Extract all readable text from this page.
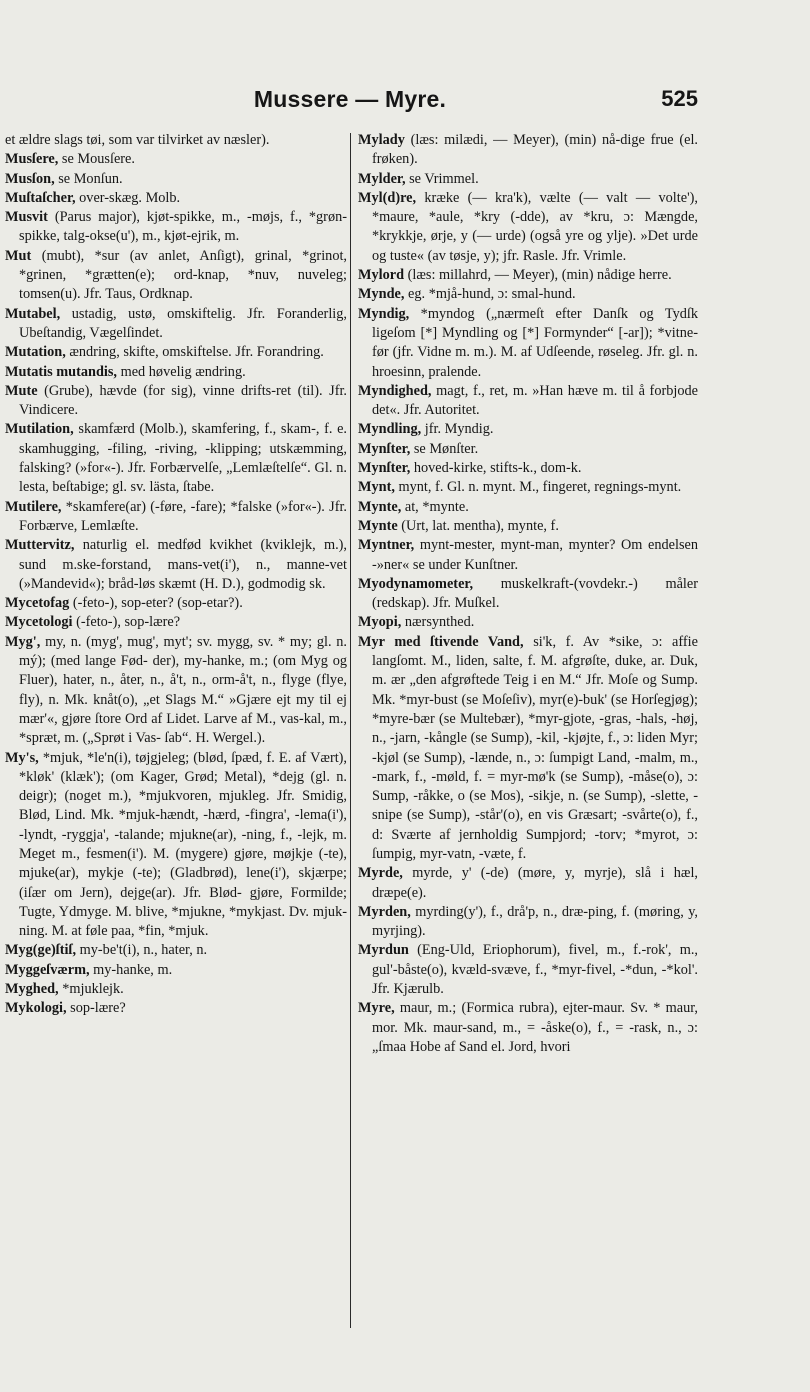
Mussere — Myre.	525

et ældre slags tøi, som var tilvirket av næsler).

Musſere, se Mousſere.

Musſon, se Monſun.

Muſtaſcher, over-skæg. Molb.

Musvit (Parus major), kjøt-spikke, m., -møjs, f., *grøn-spikke, talg-okse(u'), m., kjøt-ejrik, m.

Mut (mubt), *sur (av anlet, Anſigt), grinal, *grinot, *grinen, *grætten(e); ord-knap, *nuv, nuveleg; tomsen(u). Jfr. Taus, Ordknap.

Mutabel, ustadig, ustø, omskiftelig. Jfr. Foranderlig, Ubeſtandig, Vægelſindet.

Mutation, ændring, skifte, omskiftelse. Jfr. Forandring.

Mutatis mutandis, med høvelig ændring.

Mute (Grube), hævde (for sig), vinne drifts-ret (til). Jfr. Vindicere.

Mutilation, skamfærd (Molb.), skamfering, f., skam-, f. e. skamhugging, -filing, -riving, -klipping; utskæmming, falsking? (»for«-). Jfr. Forbærvelſe, „Lemlæſtelſe“. Gl. n. lesta, beſtabige; gl. sv. lästa, ſtabe.

Mutilere, *skamfere(ar) (-føre, -fare); *falske (»for«-). Jfr. Forbærve, Lemlæſte.

Muttervitz, naturlig el. medfød kvikhet (kviklejk, m.), sund m.ske-forstand, mans-vet(i'), n., manne-vet (»Mandevid«); bråd-løs skæmt (H. D.), godmodig sk.

Mycetofag (-feto-), sop-eter? (sop-etar?).

Mycetologi (-feto-), sop-lære?

Myg', my, n. (myg', mug', myt'; sv. mygg, sv. * my; gl. n. mý); (med lange Fød- der), my-hanke, m.; (om Myg og Fluer), hater, n., åter, n., å't, n., orm-å't, n., flyge (flye, fly), n. Mk. knåt(o), „et Slags M.“ »Gjære ejt my til ej mær'«, gjøre ſtore Ord af Lidet. Larve af M., vas-kal, m., *spræt, m. („Sprøt i Vas- ſab“. H. Wergel.).

My's, *mjuk, *le'n(i), tøjgjeleg; (blød, ſpæd, f. E. af Vært), *kløk' (klæk'); (om Kager, Grød; Metal), *dejg (gl. n. deigr); (noget m.), *mjukvoren, mjukleg. Jfr. Smidig, Blød, Lind. Mk. *mjuk-hændt, -hærd, -fingra', -lema(i'), -lyndt, -ryggja', -talande; mjukne(ar), -ning, f., -lejk, m. Meget m., fesmen(i'). M. (mygere) gjøre, møjkje (-te), mjuke(ar), mykje (-te); (Gladbrød), lene(i'), skjærpe; (iſær om Jern), dejge(ar). Jfr. Blød- gjøre, Formilde; Tugte, Ydmyge. M. blive, *mjukne, *mykjast. Dv. mjuk-ning. M. at føle paa, *fin, *mjuk.

Myg(ge)ſtiſ, my-be't(i), n., hater, n.

Myggeſværm, my-hanke, m.

Myghed, *mjuklejk.

Mykologi, sop-lære?

Mylady (læs: milædi, — Meyer), (min) nå-dige frue (el. frøken).

Mylder, se Vrimmel.

Myl(d)re, kræke (— kra'k), vælte (— valt — volte'), *maure, *aule, *kry (-dde), av *kru, ɔ: Mængde, *krykkje, ørje, y (— urde) (også yre og ylje). »Det urde og tuste« (av tøsje, y); jfr. Rasle. Jfr. Vrimle.

Mylord (læs: millahrd, — Meyer), (min) nådige herre.

Myndе, eg. *mjå-hund, ɔ: smal-hund.

Myndig, *myndog („nærmeſt efter Danſk og Tydſk ligeſom [*] Myndling og [*] Formynder“ [-ar]); *vitne-før (jfr. Vidne m. m.). M. af Udſeende, røseleg. Jfr. gl. n. hroesinn, pralende.

Myndighed, magt, f., ret, m. »Han hæve m. til å forbjode det«. Jfr. Autoritet.

Myndling, jfr. Myndig.

Mynſter, se Mønſter.

Mynſter, hoved-kirke, stifts-k., dom-k.

Mynt, mynt, f. Gl. n. mynt. M., fingeret, regnings-mynt.

Mynte, at, *mynte.

Mynte (Urt, lat. mentha), mynte, f.

Myntner, mynt-mester, mynt-man, mynter? Om endelsen -»ner« se under Kunſtner.

Myodynamometer, muskelkraft-(vovdekr.-) måler (redskap). Jfr. Muſkel.

Myopi, nærsynthed.

Myr med ſtivende Vand, si'k, f. Av *sike, ɔ: affie langſomt. M., liden, salte, f. M. afgrøſte, duke, ar. Duk, m. ær „den afgrøftede Teig i en M.“ Jfr. Moſe og Sump. Mk. *myr-bust (se Moſeſiv), myr(e)-buk' (se Horſegjøg); *myre-bær (se Multebær), *myr-gjote, -gras, -hals, -høj, n., -jarn, -kångle (se Sump), -kil, -kjøjte, f., ɔ: liden Myr; -kjøl (se Sump), -lænde, n., ɔ: ſumpigt Land, -malm, m., -mark, f., -møld, f. = myr-mø'k (se Sump), -måse(o), ɔ: Sump, -råkke, o (se Mos), -sikje, n. (se Sump), -slette, -snipe (se Sump), -står'(o), en vis Græsart; -svårte(o), f., d: Sværte af jernholdig Sumpjord; -torv; *myrot, ɔ: ſumpig, myr-vatn, -væte, f.

Myrde, myrde, y' (-de) (møre, y, myrje), slå i hæl, dræpe(e).

Myrden, myrding(y'), f., drå'p, n., dræ-ping, f. (møring, y, myrjing).

Myrdun (Eng-Uld, Eriophorum), fivel, m., f.-rok', m., gul'-båste(o), kvæld-svæve, f., *myr-fivel, -*dun, -*kol'. Jfr. Kjærulb.

Myre, maur, m.; (Formica rubra), ejter-maur. Sv. * maur, mor. Mk. maur-sand, m., = -åske(o), f., = -rask, n., ɔ: „ſmaa Hobe af Sand el. Jord, hvori
